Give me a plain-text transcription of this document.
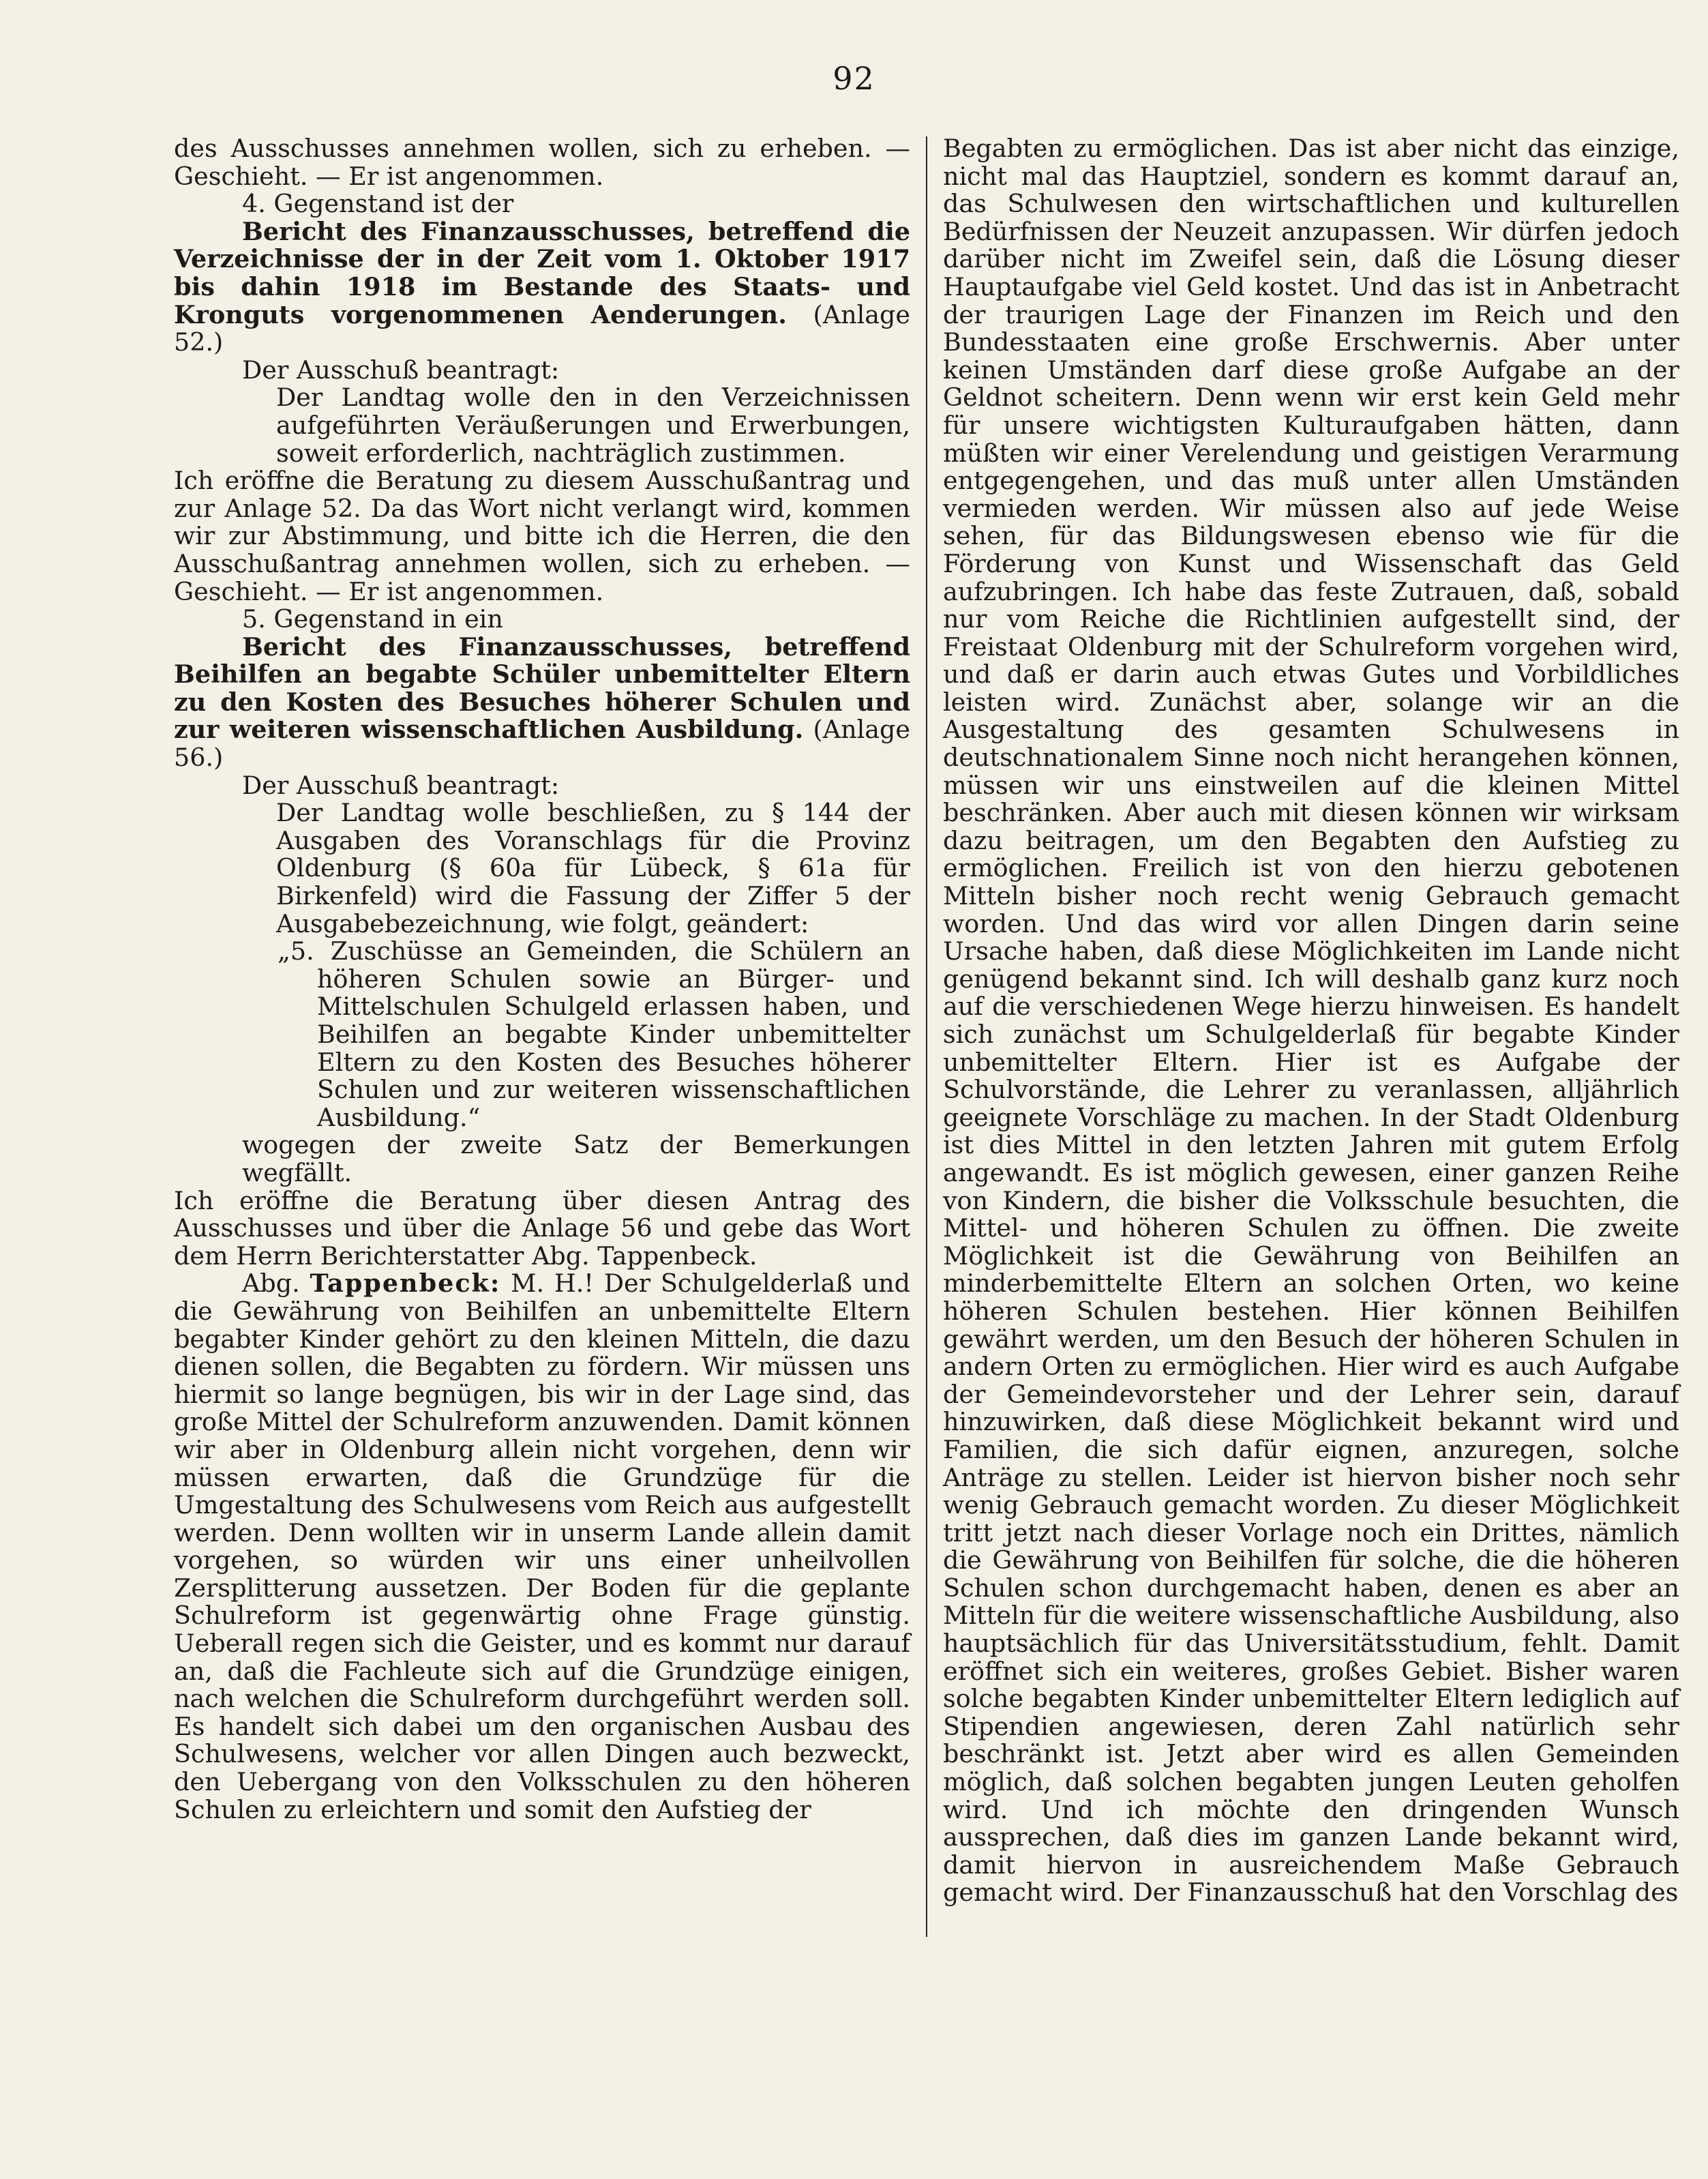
92

des Ausschusses annehmen wollen, sich zu erheben. — Geschieht. — Er ist angenommen.

4. Gegenstand ist der

Bericht des Finanzausschusses, betreffend die Verzeichnisse der in der Zeit vom 1. Oktober 1917 bis dahin 1918 im Bestande des Staats- und Kronguts vorgenommenen Aenderungen. (Anlage 52.)

Der Ausschuß beantragt:

Der Landtag wolle den in den Verzeichnissen aufgeführten Veräußerungen und Erwerbungen, soweit erforderlich, nachträglich zustimmen.

Ich eröffne die Beratung zu diesem Ausschußantrag und zur Anlage 52. Da das Wort nicht verlangt wird, kommen wir zur Abstimmung, und bitte ich die Herren, die den Ausschußantrag annehmen wollen, sich zu erheben. — Geschieht. — Er ist angenommen.

5. Gegenstand in ein

Bericht des Finanzausschusses, betreffend Beihilfen an begabte Schüler unbemittelter Eltern zu den Kosten des Besuches höherer Schulen und zur weiteren wissenschaftlichen Ausbildung. (Anlage 56.)

Der Ausschuß beantragt:

Der Landtag wolle beschließen, zu § 144 der Ausgaben des Voranschlags für die Provinz Oldenburg (§ 60a für Lübeck, § 61a für Birkenfeld) wird die Fassung der Ziffer 5 der Ausgabebezeichnung, wie folgt, geändert:

„5. Zuschüsse an Gemeinden, die Schülern an höheren Schulen sowie an Bürger- und Mittelschulen Schulgeld erlassen haben, und Beihilfen an begabte Kinder unbemittelter Eltern zu den Kosten des Besuches höherer Schulen und zur weiteren wissenschaftlichen Ausbildung.“

wogegen der zweite Satz der Bemerkungen wegfällt.

Ich eröffne die Beratung über diesen Antrag des Ausschusses und über die Anlage 56 und gebe das Wort dem Herrn Berichterstatter Abg. Tappenbeck.

Abg. Tappenbeck: M. H.! Der Schulgelderlaß und die Gewährung von Beihilfen an unbemittelte Eltern begabter Kinder gehört zu den kleinen Mitteln, die dazu dienen sollen, die Begabten zu fördern. Wir müssen uns hiermit so lange begnügen, bis wir in der Lage sind, das große Mittel der Schulreform anzuwenden. Damit können wir aber in Oldenburg allein nicht vorgehen, denn wir müssen erwarten, daß die Grundzüge für die Umgestaltung des Schulwesens vom Reich aus aufgestellt werden. Denn wollten wir in unserm Lande allein damit vorgehen, so würden wir uns einer unheilvollen Zersplitterung aussetzen. Der Boden für die geplante Schulreform ist gegenwärtig ohne Frage günstig. Ueberall regen sich die Geister, und es kommt nur darauf an, daß die Fachleute sich auf die Grundzüge einigen, nach welchen die Schulreform durchgeführt werden soll. Es handelt sich dabei um den organischen Ausbau des Schulwesens, welcher vor allen Dingen auch bezweckt, den Uebergang von den Volksschulen zu den höheren Schulen zu erleichtern und somit den Aufstieg der

Begabten zu ermöglichen. Das ist aber nicht das einzige, nicht mal das Hauptziel, sondern es kommt darauf an, das Schulwesen den wirtschaftlichen und kulturellen Bedürfnissen der Neuzeit anzupassen. Wir dürfen jedoch darüber nicht im Zweifel sein, daß die Lösung dieser Hauptaufgabe viel Geld kostet. Und das ist in Anbetracht der traurigen Lage der Finanzen im Reich und den Bundesstaaten eine große Erschwernis. Aber unter keinen Umständen darf diese große Aufgabe an der Geldnot scheitern. Denn wenn wir erst kein Geld mehr für unsere wichtigsten Kulturaufgaben hätten, dann müßten wir einer Verelendung und geistigen Verarmung entgegengehen, und das muß unter allen Umständen vermieden werden. Wir müssen also auf jede Weise sehen, für das Bildungswesen ebenso wie für die Förderung von Kunst und Wissenschaft das Geld aufzubringen. Ich habe das feste Zutrauen, daß, sobald nur vom Reiche die Richtlinien aufgestellt sind, der Freistaat Oldenburg mit der Schulreform vorgehen wird, und daß er darin auch etwas Gutes und Vorbildliches leisten wird. Zunächst aber, solange wir an die Ausgestaltung des gesamten Schulwesens in deutschnationalem Sinne noch nicht herangehen können, müssen wir uns einstweilen auf die kleinen Mittel beschränken. Aber auch mit diesen können wir wirksam dazu beitragen, um den Begabten den Aufstieg zu ermöglichen. Freilich ist von den hierzu gebotenen Mitteln bisher noch recht wenig Gebrauch gemacht worden. Und das wird vor allen Dingen darin seine Ursache haben, daß diese Möglichkeiten im Lande nicht genügend bekannt sind. Ich will deshalb ganz kurz noch auf die verschiedenen Wege hierzu hinweisen. Es handelt sich zunächst um Schulgelderlaß für begabte Kinder unbemittelter Eltern. Hier ist es Aufgabe der Schulvorstände, die Lehrer zu veranlassen, alljährlich geeignete Vorschläge zu machen. In der Stadt Oldenburg ist dies Mittel in den letzten Jahren mit gutem Erfolg angewandt. Es ist möglich gewesen, einer ganzen Reihe von Kindern, die bisher die Volksschule besuchten, die Mittel- und höheren Schulen zu öffnen. Die zweite Möglichkeit ist die Gewährung von Beihilfen an minderbemittelte Eltern an solchen Orten, wo keine höheren Schulen bestehen. Hier können Beihilfen gewährt werden, um den Besuch der höheren Schulen in andern Orten zu ermöglichen. Hier wird es auch Aufgabe der Gemeindevorsteher und der Lehrer sein, darauf hinzuwirken, daß diese Möglichkeit bekannt wird und Familien, die sich dafür eignen, anzuregen, solche Anträge zu stellen. Leider ist hiervon bisher noch sehr wenig Gebrauch gemacht worden. Zu dieser Möglichkeit tritt jetzt nach dieser Vorlage noch ein Drittes, nämlich die Gewährung von Beihilfen für solche, die die höheren Schulen schon durchgemacht haben, denen es aber an Mitteln für die weitere wissenschaftliche Ausbildung, also hauptsächlich für das Universitätsstudium, fehlt. Damit eröffnet sich ein weiteres, großes Gebiet. Bisher waren solche begabten Kinder unbemittelter Eltern lediglich auf Stipendien angewiesen, deren Zahl natürlich sehr beschränkt ist. Jetzt aber wird es allen Gemeinden möglich, daß solchen begabten jungen Leuten geholfen wird. Und ich möchte den dringenden Wunsch aussprechen, daß dies im ganzen Lande bekannt wird, damit hiervon in ausreichendem Maße Gebrauch gemacht wird. Der Finanzausschuß hat den Vorschlag des
